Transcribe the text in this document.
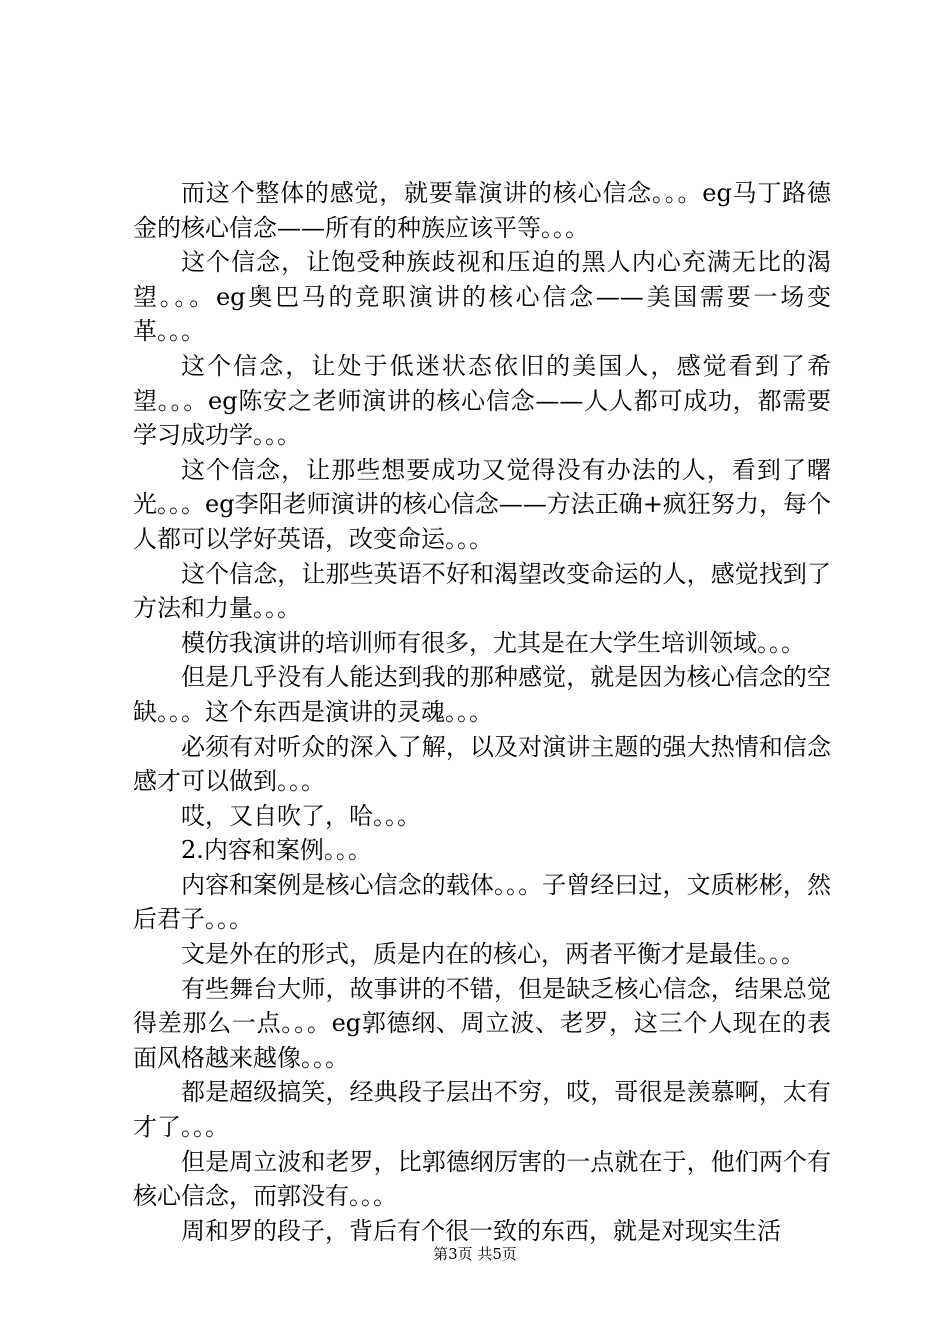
而这个整体的感觉，就要靠演讲的核心信念。。。eg马丁路德金的核心信念——所有的种族应该平等。。。

这个信念，让饱受种族歧视和压迫的黑人内心充满无比的渴望。。。eg奥巴马的竞职演讲的核心信念——美国需要一场变革。。。

这个信念，让处于低迷状态依旧的美国人，感觉看到了希望。。。eg陈安之老师演讲的核心信念——人人都可成功，都需要学习成功学。。。

这个信念，让那些想要成功又觉得没有办法的人，看到了曙光。。。eg李阳老师演讲的核心信念——方法正确+疯狂努力，每个人都可以学好英语，改变命运。。。

这个信念，让那些英语不好和渴望改变命运的人，感觉找到了方法和力量。。。

模仿我演讲的培训师有很多，尤其是在大学生培训领域。。。

但是几乎没有人能达到我的那种感觉，就是因为核心信念的空缺。。。这个东西是演讲的灵魂。。。

必须有对听众的深入了解，以及对演讲主题的强大热情和信念感才可以做到。。。

哎，又自吹了，哈。。。

2.内容和案例。。。

内容和案例是核心信念的载体。。。子曾经曰过，文质彬彬，然后君子。。。

文是外在的形式，质是内在的核心，两者平衡才是最佳。。。

有些舞台大师，故事讲的不错，但是缺乏核心信念，结果总觉得差那么一点。。。eg郭德纲、周立波、老罗，这三个人现在的表面风格越来越像。。。

都是超级搞笑，经典段子层出不穷，哎，哥很是羡慕啊，太有才了。。。

但是周立波和老罗，比郭德纲厉害的一点就在于，他们两个有核心信念，而郭没有。。。

周和罗的段子，背后有个很一致的东西，就是对现实生活

第3页 共5页
